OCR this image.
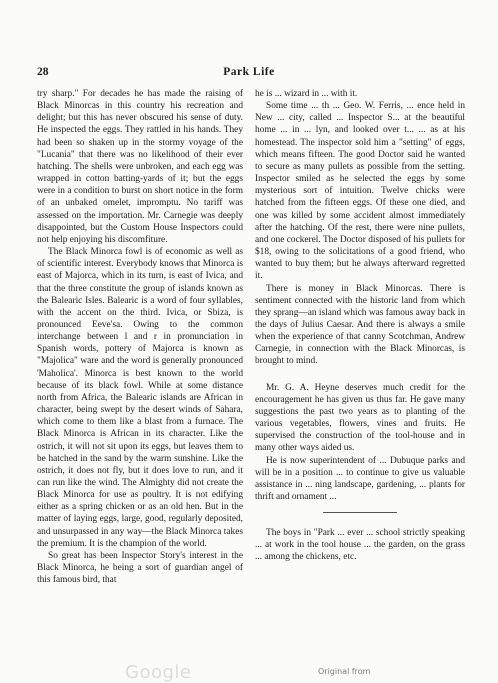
28	Park Life

try sharp." For decades he has made the raising of Black Minorcas in this country his recreation and delight; but this has never obscured his sense of duty. He inspected the eggs. They rattled in his hands. They had been so shaken up in the stormy voyage of the "Lucania" that there was no likelihood of their ever hatching. The shells were unbroken, and each egg was wrapped in cotton batting-yards of it; but the eggs were in a condition to burst on short notice in the form of an unbaked omelet, impromptu. No tariff was assessed on the importation. Mr. Carnegie was deeply disappointed, but the Custom House Inspectors could not help enjoying his discomfiture.

The Black Minorca fowl is of economic as well as of scientific interest. Everybody knows that Minorca is east of Majorca, which in its turn, is east of Ivica, and that the three constitute the group of islands known as the Balearic Isles. Balearic is a word of four syllables, with the accent on the third. Ivica, or Sbiza, is pronounced Eeve'sa. Owing to the common interchange between l and r in pronunciation in Spanish words, pottery of Majorca is known as "Majolica" ware and the word is generally pronounced 'Maholica'. Minorca is best known to the world because of its black fowl. While at some distance north from Africa, the Balearic islands are African in character, being swept by the desert winds of Sahara, which come to them like a blast from a furnace. The Black Minorca is African in its character. Like the ostrich, it will not sit upon its eggs, but leaves them to be hatched in the sand by the warm sunshine. Like the ostrich, it does not fly, but it does love to run, and it can run like the wind. The Almighty did not create the Black Minorca for use as poultry. It is not edifying either as a spring chicken or as an old hen. But in the matter of laying eggs, large, good, regularly deposited, and unsurpassed in any way—the Black Minorca takes the premium. It is the champion of the world.

So great has been Inspector Story's interest in the Black Minorca, he being a sort of guardian angel of this famous bird, that

he is ... wizard in ... with it.

Some time ... th ... Geo. W. Ferris, ... ence held in New ... city, called ... Inspector S... at the beautiful home ... in ... lyn, and looked over t... ... as at his homestead. The inspector sold him a "setting" of eggs, which means fifteen. The good Doctor said he wanted to secure as many pullets as possible from the setting. Inspector smiled as he selected the eggs by some mysterious sort of intuition. Twelve chicks were hatched from the fifteen eggs. Of these one died, and one was killed by some accident almost immediately after the hatching. Of the rest, there were nine pullets, and one cockerel. The Doctor disposed of his pullets for $18, owing to the solicitations of a good friend, who wanted to buy them; but he always afterward regretted it.

There is money in Black Minorcas. There is sentiment connected with the historic land from which they sprang—an island which was famous away back in the days of Julius Caesar. And there is always a smile when the experience of that canny Scotchman, Andrew Carnegie, in connection with the Black Minorcas, is brought to mind.

Mr. G. A. Heyne deserves much credit for the encouragement he has given us thus far. He gave many suggestions the past two years as to planting of the various vegetables, flowers, vines and fruits. He supervised the construction of the tool-house and in many other ways aided us.

He is now superintendent of ... Dubuque parks and will be in a position ... to continue to give us valuable assistance in ... ning landscape, gardening, ... plants for thrift and ornament ...

The boys in "Park ... ever ... school strictly speaking ... at work in the tool house ... the garden, on the grass ... among the chickens, etc.

Google	Original from
